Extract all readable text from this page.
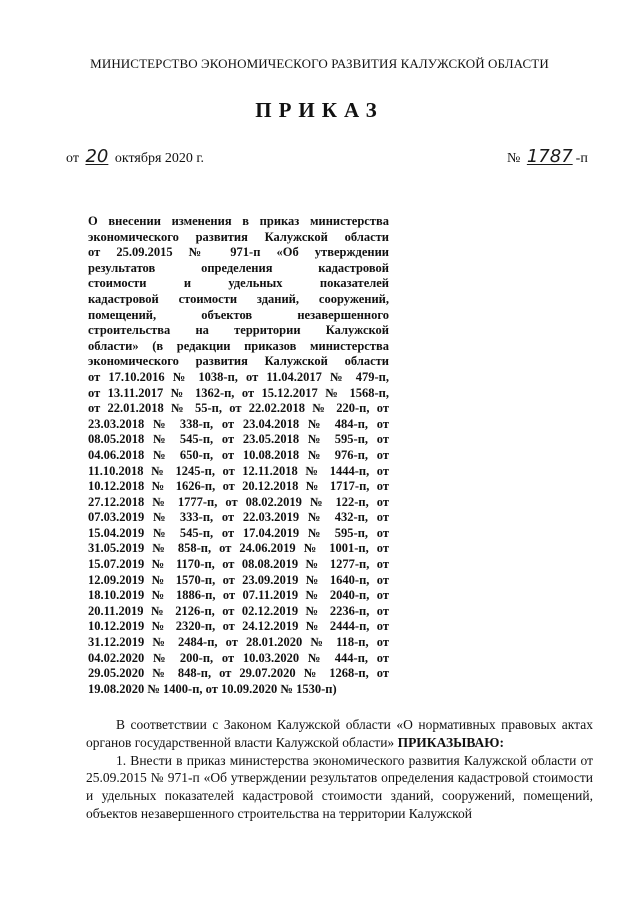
МИНИСТЕРСТВО ЭКОНОМИЧЕСКОГО РАЗВИТИЯ КАЛУЖСКОЙ ОБЛАСТИ
ПРИКАЗ
от 20 октября 2020 г.	№ 1787 -п
О внесении изменения в приказ министерства
экономического развития Калужской области
от 25.09.2015 № 971-п «Об утверждении
результатов определения кадастровой
стоимости и удельных показателей
кадастровой стоимости зданий, сооружений,
помещений, объектов незавершенного
строительства на территории Калужской
области» (в редакции приказов министерства
экономического развития Калужской области
от 17.10.2016 № 1038-п, от 11.04.2017 № 479-п,
от 13.11.2017 № 1362-п, от 15.12.2017 № 1568-п,
от 22.01.2018 № 55-п, от 22.02.2018 № 220-п, от
23.03.2018 № 338-п, от 23.04.2018 № 484-п, от
08.05.2018 № 545-п, от 23.05.2018 № 595-п, от
04.06.2018 № 650-п, от 10.08.2018 № 976-п, от
11.10.2018 № 1245-п, от 12.11.2018 № 1444-п, от
10.12.2018 № 1626-п, от 20.12.2018 № 1717-п, от
27.12.2018 № 1777-п, от 08.02.2019 № 122-п, от
07.03.2019 № 333-п, от 22.03.2019 № 432-п, от
15.04.2019 № 545-п, от 17.04.2019 № 595-п, от
31.05.2019 № 858-п, от 24.06.2019 № 1001-п, от
15.07.2019 № 1170-п, от 08.08.2019 № 1277-п, от
12.09.2019 № 1570-п, от 23.09.2019 № 1640-п, от
18.10.2019 № 1886-п, от 07.11.2019 № 2040-п, от
20.11.2019 № 2126-п, от 02.12.2019 № 2236-п, от
10.12.2019 № 2320-п, от 24.12.2019 № 2444-п, от
31.12.2019 № 2484-п, от 28.01.2020 № 118-п, от
04.02.2020 № 200-п, от 10.03.2020 № 444-п, от
29.05.2020 № 848-п, от 29.07.2020 № 1268-п, от
19.08.2020 № 1400-п, от 10.09.2020 № 1530-п)

В соответствии с Законом Калужской области «О нормативных правовых актах органов государственной власти Калужской области» ПРИКАЗЫВАЮ:

1. Внести в приказ министерства экономического развития Калужской области от 25.09.2015 № 971-п «Об утверждении результатов определения кадастровой стоимости и удельных показателей кадастровой стоимости зданий, сооружений, помещений, объектов незавершенного строительства на территории Калужской
